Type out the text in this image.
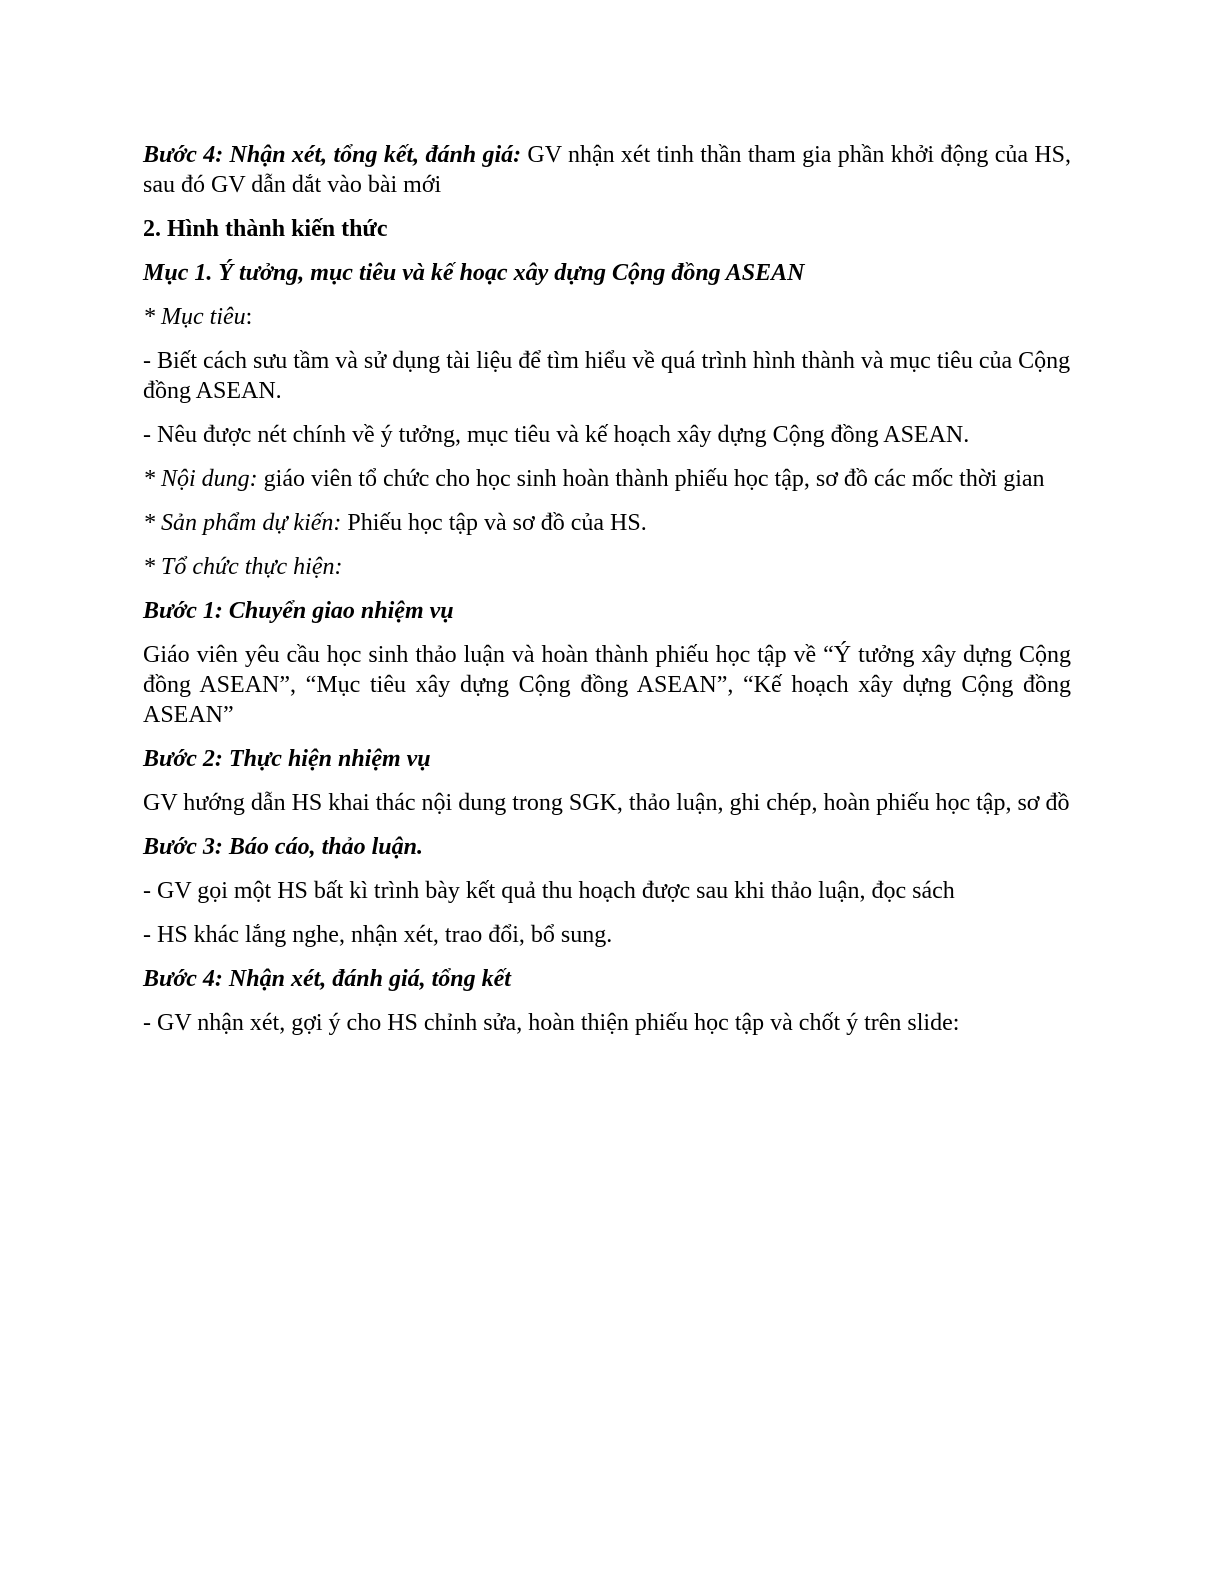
Bước 4: Nhận xét, tổng kết, đánh giá: GV nhận xét tinh thần tham gia phần khởi động của HS, sau đó GV dẫn dắt vào bài mới

2. Hình thành kiến thức

Mục 1. Ý tưởng, mục tiêu và kế hoạc xây dựng Cộng đồng ASEAN

* Mục tiêu:

- Biết cách sưu tầm và sử dụng tài liệu để tìm hiểu về quá trình hình thành và mục tiêu của Cộng đồng ASEAN.

- Nêu được nét chính về ý tưởng, mục tiêu và kế hoạch xây dựng Cộng đồng ASEAN.

* Nội dung: giáo viên tổ chức cho học sinh hoàn thành phiếu học tập, sơ đồ các mốc thời gian

* Sản phẩm dự kiến: Phiếu học tập và sơ đồ của HS.

* Tổ chức thực hiện:

Bước 1: Chuyển giao nhiệm vụ

Giáo viên yêu cầu học sinh thảo luận và hoàn thành phiếu học tập về “Ý tưởng xây dựng Cộng đồng ASEAN”, “Mục tiêu xây dựng Cộng đồng ASEAN”, “Kế hoạch xây dựng Cộng đồng ASEAN”

Bước 2: Thực hiện nhiệm vụ

GV hướng dẫn HS khai thác nội dung trong SGK, thảo luận, ghi chép, hoàn phiếu học tập, sơ đồ

Bước 3: Báo cáo, thảo luận.

- GV gọi một HS bất kì trình bày kết quả thu hoạch được sau khi thảo luận, đọc sách

- HS khác lắng nghe, nhận xét, trao đổi, bổ sung.

Bước 4: Nhận xét, đánh giá, tổng kết

- GV nhận xét, gợi ý cho HS chỉnh sửa, hoàn thiện phiếu học tập và chốt ý trên slide:
